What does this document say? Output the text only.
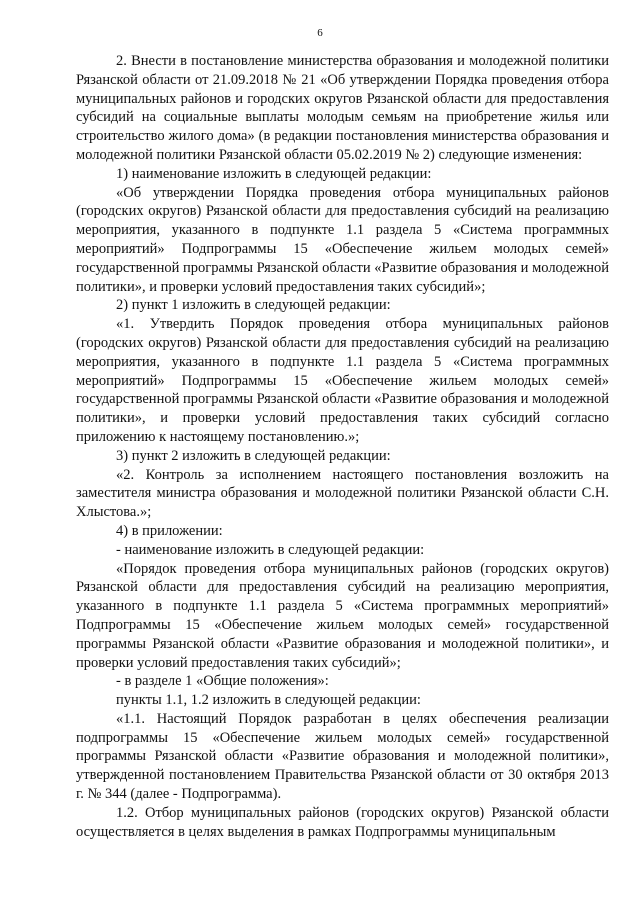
6

2. Внести в постановление министерства образования и молодежной политики Рязанской области от 21.09.2018 № 21 «Об утверждении Порядка проведения отбора муниципальных районов и городских округов Рязанской области для предоставления субсидий на социальные выплаты молодым семьям на приобретение жилья или строительство жилого дома» (в редакции постановления министерства образования и молодежной политики Рязанской области 05.02.2019 № 2) следующие изменения:

1) наименование изложить в следующей редакции:

«Об утверждении Порядка проведения отбора муниципальных районов (городских округов) Рязанской области для предоставления субсидий на реализацию мероприятия, указанного в подпункте 1.1 раздела 5 «Система программных мероприятий» Подпрограммы 15 «Обеспечение жильем молодых семей» государственной программы Рязанской области «Развитие образования и молодежной политики», и проверки условий предоставления таких субсидий»;

2) пункт 1 изложить в следующей редакции:

«1. Утвердить Порядок проведения отбора муниципальных районов (городских округов) Рязанской области для предоставления субсидий на реализацию мероприятия, указанного в подпункте 1.1 раздела 5 «Система программных мероприятий» Подпрограммы 15 «Обеспечение жильем молодых семей» государственной программы Рязанской области «Развитие образования и молодежной политики», и проверки условий предоставления таких субсидий согласно приложению к настоящему постановлению.»;

3) пункт 2 изложить в следующей редакции:

«2. Контроль за исполнением настоящего постановления возложить на заместителя министра образования и молодежной политики Рязанской области С.Н. Хлыстова.»;

4) в приложении:

- наименование изложить в следующей редакции:

«Порядок проведения отбора муниципальных районов (городских округов) Рязанской области для предоставления субсидий на реализацию мероприятия, указанного в подпункте 1.1 раздела 5 «Система программных мероприятий» Подпрограммы 15 «Обеспечение жильем молодых семей» государственной программы Рязанской области «Развитие образования и молодежной политики», и проверки условий предоставления таких субсидий»;

- в разделе 1 «Общие положения»:

пункты 1.1, 1.2 изложить в следующей редакции:

«1.1. Настоящий Порядок разработан в целях обеспечения реализации подпрограммы 15 «Обеспечение жильем молодых семей» государственной программы Рязанской области «Развитие образования и молодежной политики», утвержденной постановлением Правительства Рязанской области от 30 октября 2013 г. № 344 (далее - Подпрограмма).

1.2. Отбор муниципальных районов (городских округов) Рязанской области осуществляется в целях выделения в рамках Подпрограммы муниципальным
